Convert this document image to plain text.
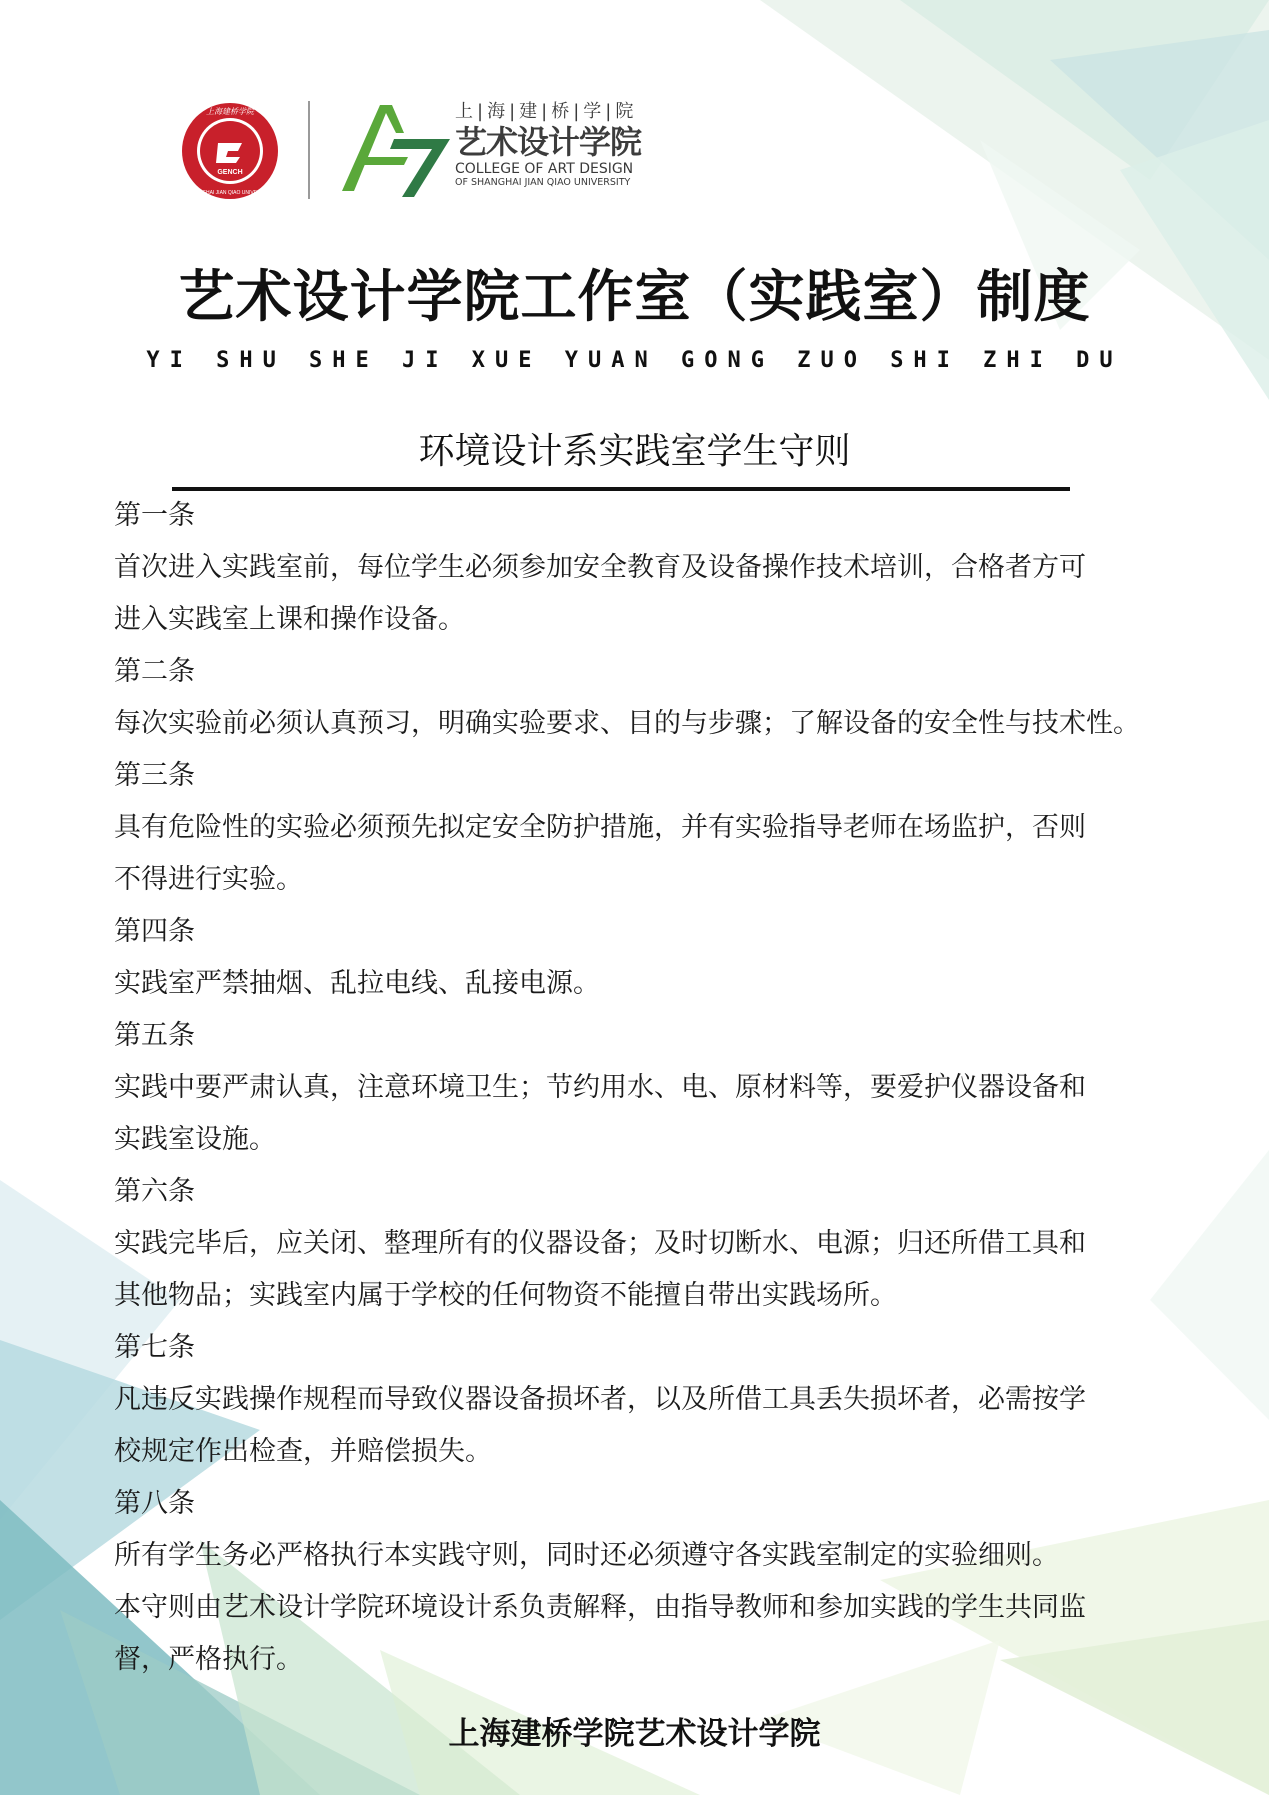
GENCH
上海建桥学院
SHANGHAI JIAN QIAO UNIVERSITY
上|海|建|桥|学|院
艺术设计学院
COLLEGE OF ART DESIGN
OF SHANGHAI JIAN QIAO UNIVERSITY
艺术设计学院工作室（实践室）制度
YI SHU SHE JI XUE YUAN GONG ZUO SHI ZHI DU
环境设计系实践室学生守则
第一条
首次进入实践室前，每位学生必须参加安全教育及设备操作技术培训，合格者方可
进入实践室上课和操作设备。
第二条
每次实验前必须认真预习，明确实验要求、目的与步骤；了解设备的安全性与技术性。
第三条
具有危险性的实验必须预先拟定安全防护措施，并有实验指导老师在场监护，否则
不得进行实验。
第四条
实践室严禁抽烟、乱拉电线、乱接电源。
第五条
实践中要严肃认真，注意环境卫生；节约用水、电、原材料等，要爱护仪器设备和
实践室设施。
第六条
实践完毕后，应关闭、整理所有的仪器设备；及时切断水、电源；归还所借工具和
其他物品；实践室内属于学校的任何物资不能擅自带出实践场所。
第七条
凡违反实践操作规程而导致仪器设备损坏者，以及所借工具丢失损坏者，必需按学
校规定作出检查，并赔偿损失。
第八条
所有学生务必严格执行本实践守则，同时还必须遵守各实践室制定的实验细则。
本守则由艺术设计学院环境设计系负责解释，由指导教师和参加实践的学生共同监
督，严格执行。
上海建桥学院艺术设计学院
